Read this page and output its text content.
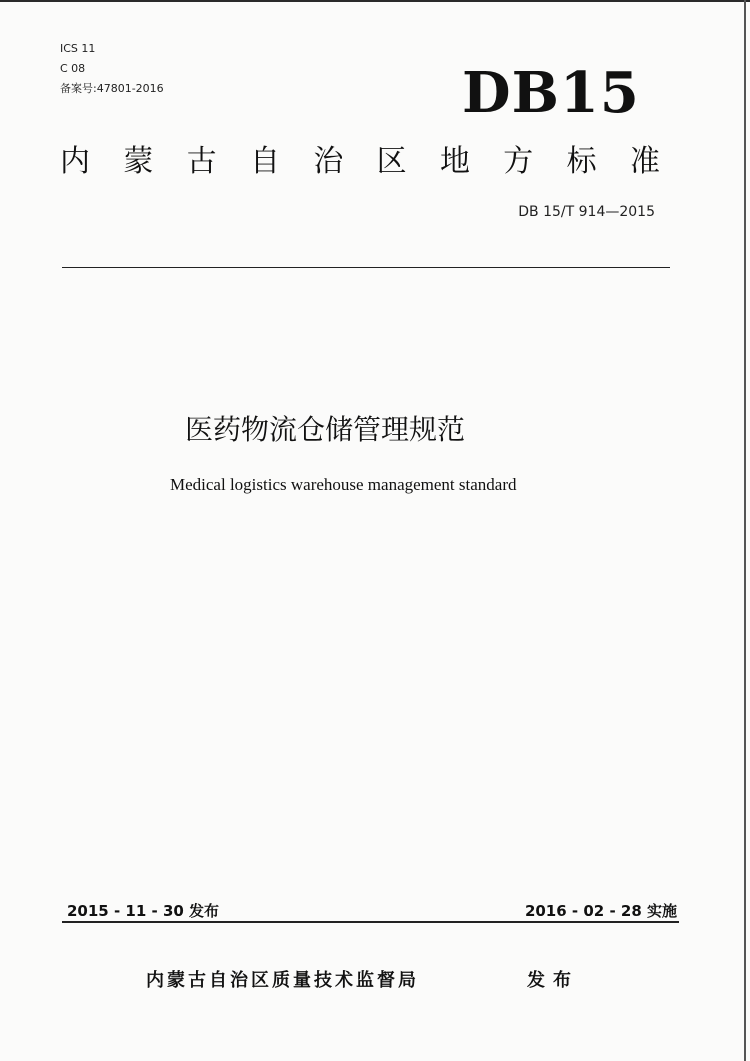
ICS 11
C 08
备案号:47801-2016	DB15
内 蒙 古 自 治 区 地 方 标 准
DB 15/T 914—2015
医药物流仓储管理规范
Medical logistics warehouse management standard
2015 - 11 - 30 发布	2016 - 02 - 28 实施
内蒙古自治区质量技术监督局	发布
